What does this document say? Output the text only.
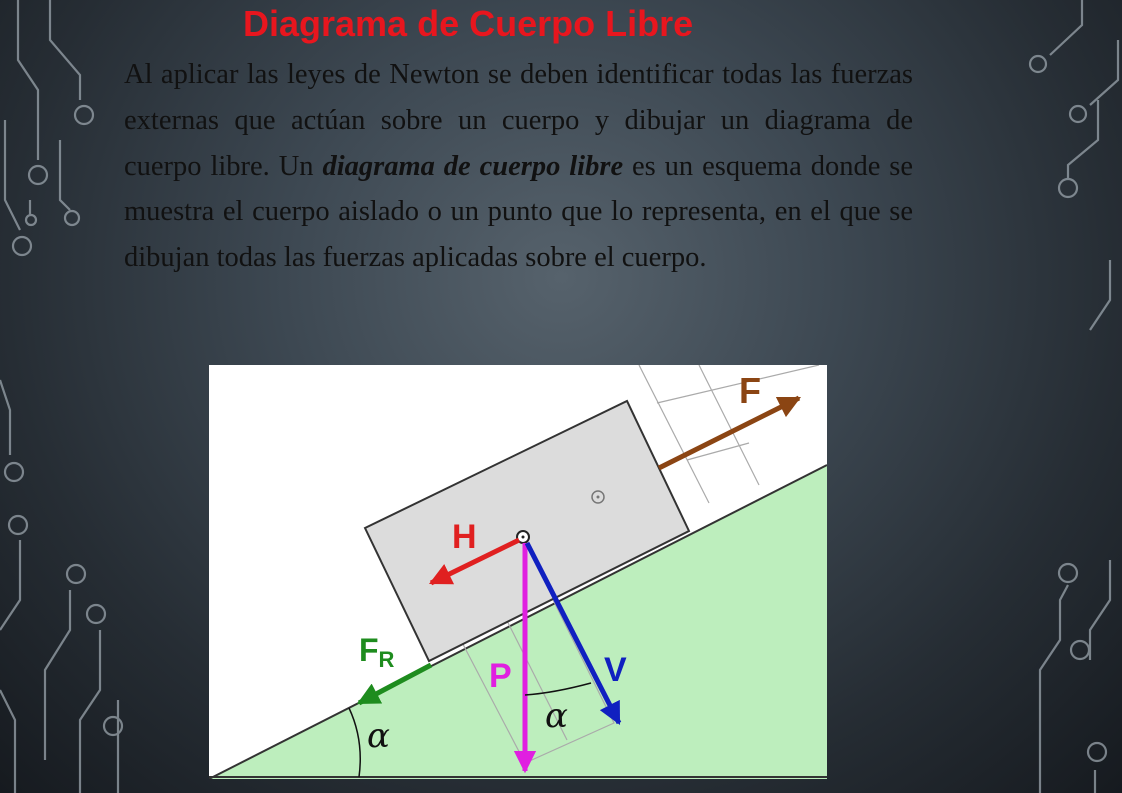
Diagrama de Cuerpo Libre

Al aplicar las leyes de Newton se deben identificar todas las fuerzas externas que actúan sobre un cuerpo y dibujar un diagrama de cuerpo libre. Un diagrama de cuerpo libre es un esquema donde se muestra el cuerpo aislado o un punto que lo representa, en el que se dibujan todas las fuerzas aplicadas sobre el cuerpo.

F
H
FR	P	V
α	α
